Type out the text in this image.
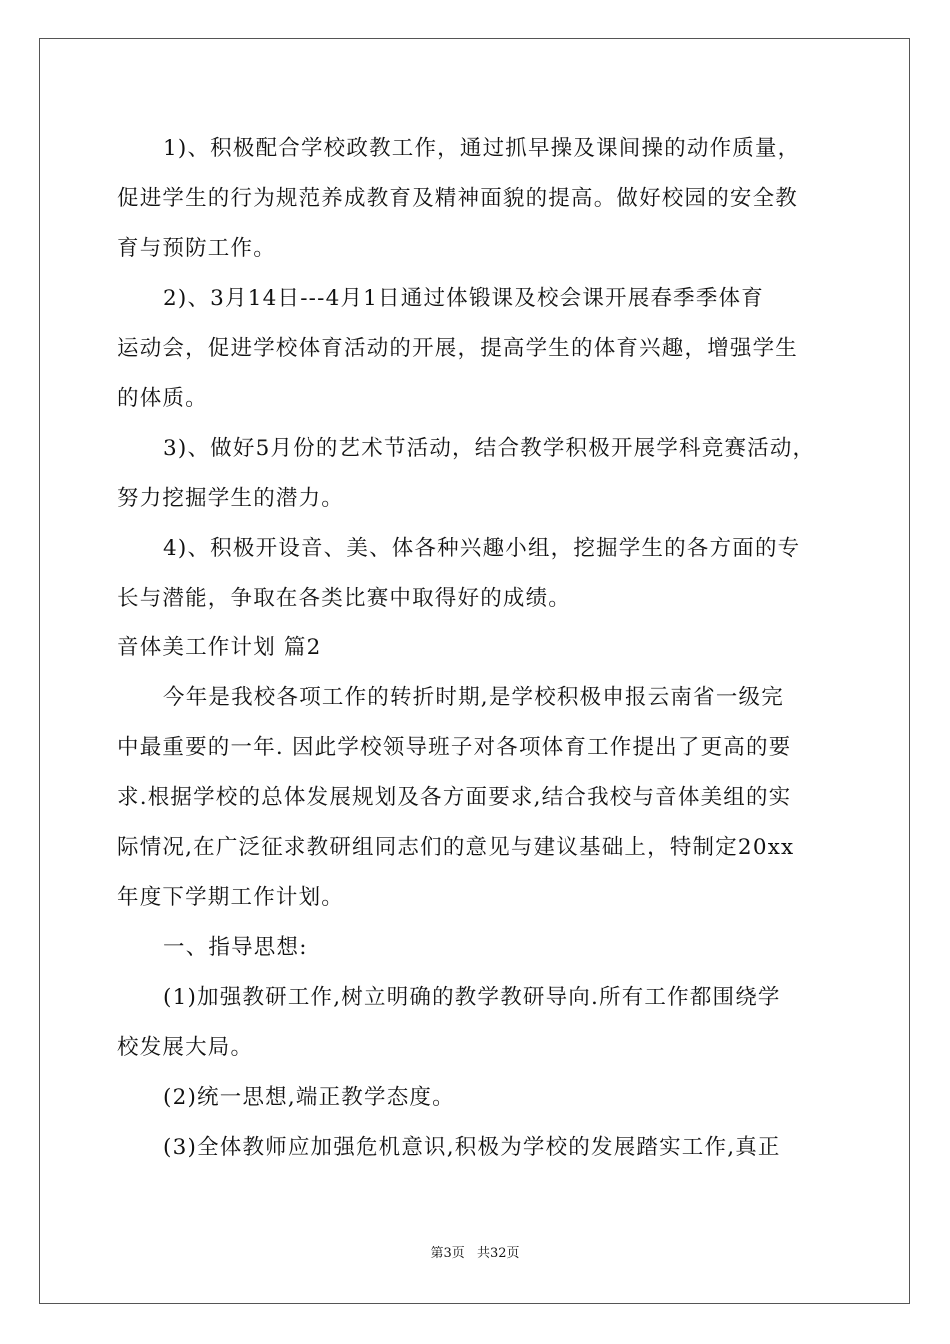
1)、积极配合学校政教工作，通过抓早操及课间操的动作质量，
促进学生的行为规范养成教育及精神面貌的提高。做好校园的安全教
育与预防工作。
2)、3月14日---4月1日通过体锻课及校会课开展春季季体育
运动会，促进学校体育活动的开展，提高学生的体育兴趣，增强学生
的体质。
3)、做好5月份的艺术节活动，结合教学积极开展学科竞赛活动，
努力挖掘学生的潜力。
4)、积极开设音、美、体各种兴趣小组，挖掘学生的各方面的专
长与潜能，争取在各类比赛中取得好的成绩。
音体美工作计划 篇2
今年是我校各项工作的转折时期,是学校积极申报云南省一级完
中最重要的一年. 因此学校领导班子对各项体育工作提出了更高的要
求.根据学校的总体发展规划及各方面要求,结合我校与音体美组的实
际情况,在广泛征求教研组同志们的意见与建议基础上，特制定20xx
年度下学期工作计划。
一、指导思想:
(1)加强教研工作,树立明确的教学教研导向.所有工作都围绕学
校发展大局。
(2)统一思想,端正教学态度。
(3)全体教师应加强危机意识,积极为学校的发展踏实工作,真正
第3页 共32页
